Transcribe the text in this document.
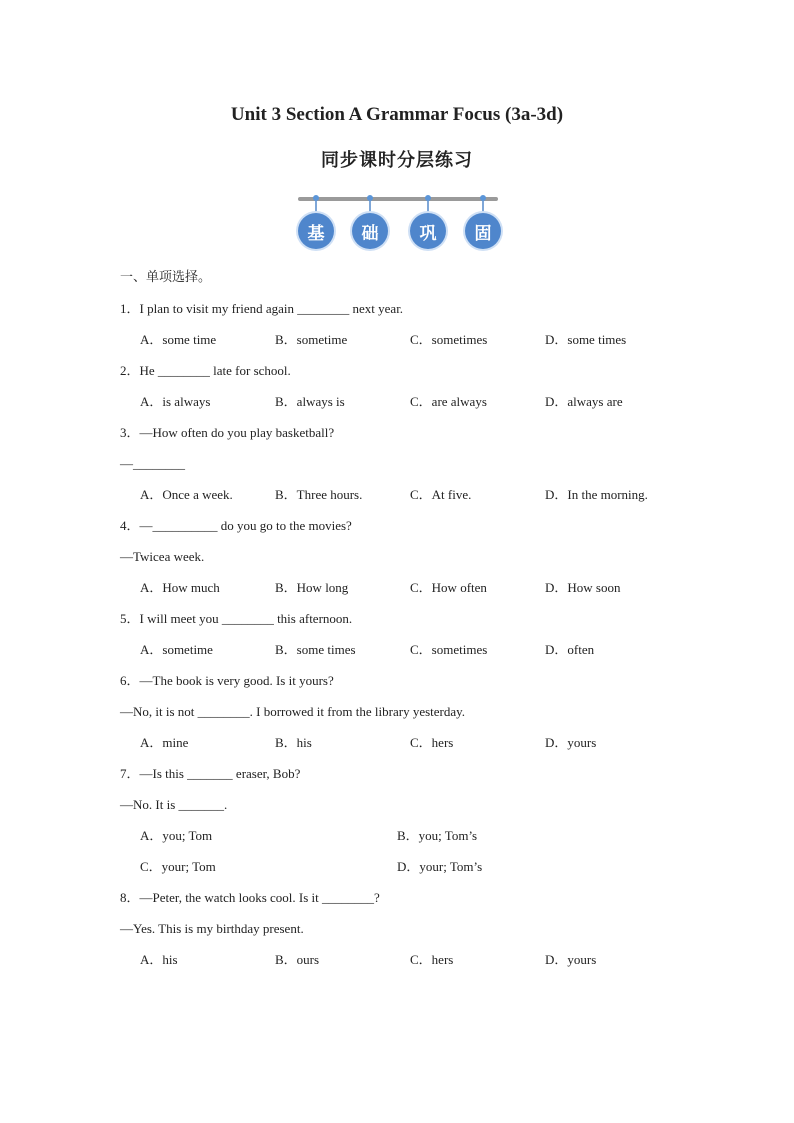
Unit 3 Section A Grammar Focus (3a-3d)
同步课时分层练习
基	础	巩	固
一、单项选择。
1．I plan to visit my friend again ________ next year.
A．some time	B．sometime	C．sometimes	D．some times
2．He ________ late for school.
A．is always	B．always is	C．are always	D．always are
3．—How often do you play basketball?
—________
A．Once a week.	B．Three hours.	C．At five.	D．In the morning.
4．—__________ do you go to the movies?
—Twicea week.
A．How much	B．How long	C．How often	D．How soon
5．I will meet you ________ this afternoon.
A．sometime	B．some times	C．sometimes	D．often
6．—The book is very good. Is it yours?
—No, it is not ________. I borrowed it from the library yesterday.
A．mine	B．his	C．hers	D．yours
7．—Is this _______ eraser, Bob?
—No. It is _______.
A．you; Tom	B．you; Tom’s
C．your; Tom	D．your; Tom’s
8．—Peter, the watch looks cool. Is it ________?
—Yes. This is my birthday present.
A．his	B．ours	C．hers	D．yours
